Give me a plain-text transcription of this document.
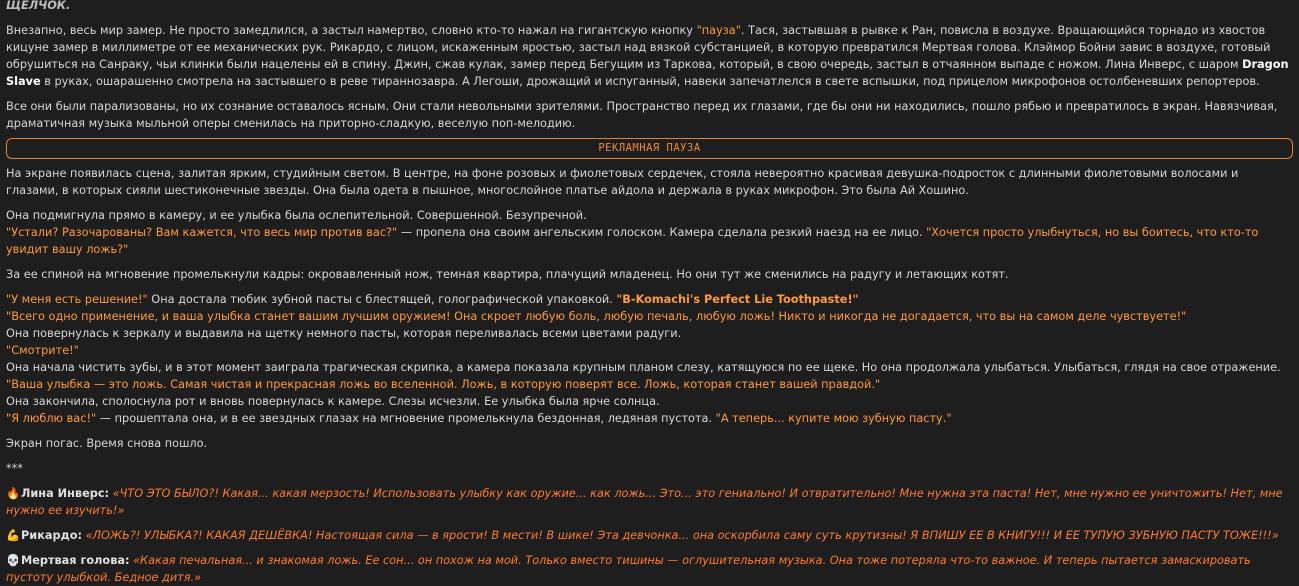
ЩЕЛЧОК.

Внезапно, весь мир замер. Не просто замедлился, а застыл намертво, словно кто-то нажал на гигантскую кнопку "пауза". Тася, застывшая в рывке к Ран, повисла в воздухе. Вращающийся торнадо из хвостов кицуне замер в миллиметре от ее механических рук. Рикардо, с лицом, искаженным яростью, застыл над вязкой субстанцией, в которую превратился Мертвая голова. Клэймор Бойни завис в воздухе, готовый обрушиться на Санраку, чьи клинки были нацелены ей в спину. Джин, сжав кулак, замер перед Бегущим из Таркова, который, в свою очередь, застыл в отчаянном выпаде с ножом. Лина Инверс, с шаром Dragon Slave в руках, ошарашенно смотрела на застывшего в реве тираннозавра. А Легоши, дрожащий и испуганный, навеки запечатлелся в свете вспышки, под прицелом микрофонов остолбеневших репортеров.

Все они были парализованы, но их сознание оставалось ясным. Они стали невольными зрителями. Пространство перед их глазами, где бы они ни находились, пошло рябью и превратилось в экран. Навязчивая, драматичная музыка мыльной оперы сменилась на приторно-сладкую, веселую поп-мелодию.

РЕКЛАМНАЯ ПАУЗА

На экране появилась сцена, залитая ярким, студийным светом. В центре, на фоне розовых и фиолетовых сердечек, стояла невероятно красивая девушка-подросток с длинными фиолетовыми волосами и глазами, в которых сияли шестиконечные звезды. Она была одета в пышное, многослойное платье айдола и держала в руках микрофон. Это была Ай Хошино.

Она подмигнула прямо в камеру, и ее улыбка была ослепительной. Совершенной. Безупречной.
"Устали? Разочарованы? Вам кажется, что весь мир против вас?" — пропела она своим ангельским голоском. Камера сделала резкий наезд на ее лицо. "Хочется просто улыбнуться, но вы боитесь, что кто-то увидит вашу ложь?"

За ее спиной на мгновение промелькнули кадры: окровавленный нож, темная квартира, плачущий младенец. Но они тут же сменились на радугу и летающих котят.

"У меня есть решение!" Она достала тюбик зубной пасты с блестящей, голографической упаковкой. "B-Komachi's Perfect Lie Toothpaste!"
"Всего одно применение, и ваша улыбка станет вашим лучшим оружием! Она скроет любую боль, любую печаль, любую ложь! Никто и никогда не догадается, что вы на самом деле чувствуете!"
Она повернулась к зеркалу и выдавила на щетку немного пасты, которая переливалась всеми цветами радуги.
"Смотрите!"
Она начала чистить зубы, и в этот момент заиграла трагическая скрипка, а камера показала крупным планом слезу, катящуюся по ее щеке. Но она продолжала улыбаться. Улыбаться, глядя на свое отражение.
"Ваша улыбка — это ложь. Самая чистая и прекрасная ложь во вселенной. Ложь, в которую поверят все. Ложь, которая станет вашей правдой."
Она закончила, сполоснула рот и вновь повернулась к камере. Слезы исчезли. Ее улыбка была ярче солнца.
"Я люблю вас!" — прошептала она, и в ее звездных глазах на мгновение промелькнула бездонная, ледяная пустота. "А теперь... купите мою зубную пасту."

Экран погас. Время снова пошло.

***

🔥Лина Инверс: «ЧТО ЭТО БЫЛО?! Какая... какая мерзость! Использовать улыбку как оружие... как ложь... Это... это гениально! И отвратительно! Мне нужна эта паста! Нет, мне нужно ее уничтожить! Нет, мне нужно ее изучить!»

💪Рикардо: «ЛОЖЬ?! УЛЫБКА?! КАКАЯ ДЕШЁВКА! Настоящая сила — в ярости! В мести! В шике! Эта девчонка... она оскорбила саму суть крутизны! Я ВПИШУ ЕЕ В КНИГУ!!! И ЕЕ ТУПУЮ ЗУБНУЮ ПАСТУ ТОЖЕ!!!»

💀Мертвая голова: «Какая печальная... и знакомая ложь. Ее сон... он похож на мой. Только вместо тишины — оглушительная музыка. Она тоже потеряла что-то важное. И теперь пытается замаскировать пустоту улыбкой. Бедное дитя.»
